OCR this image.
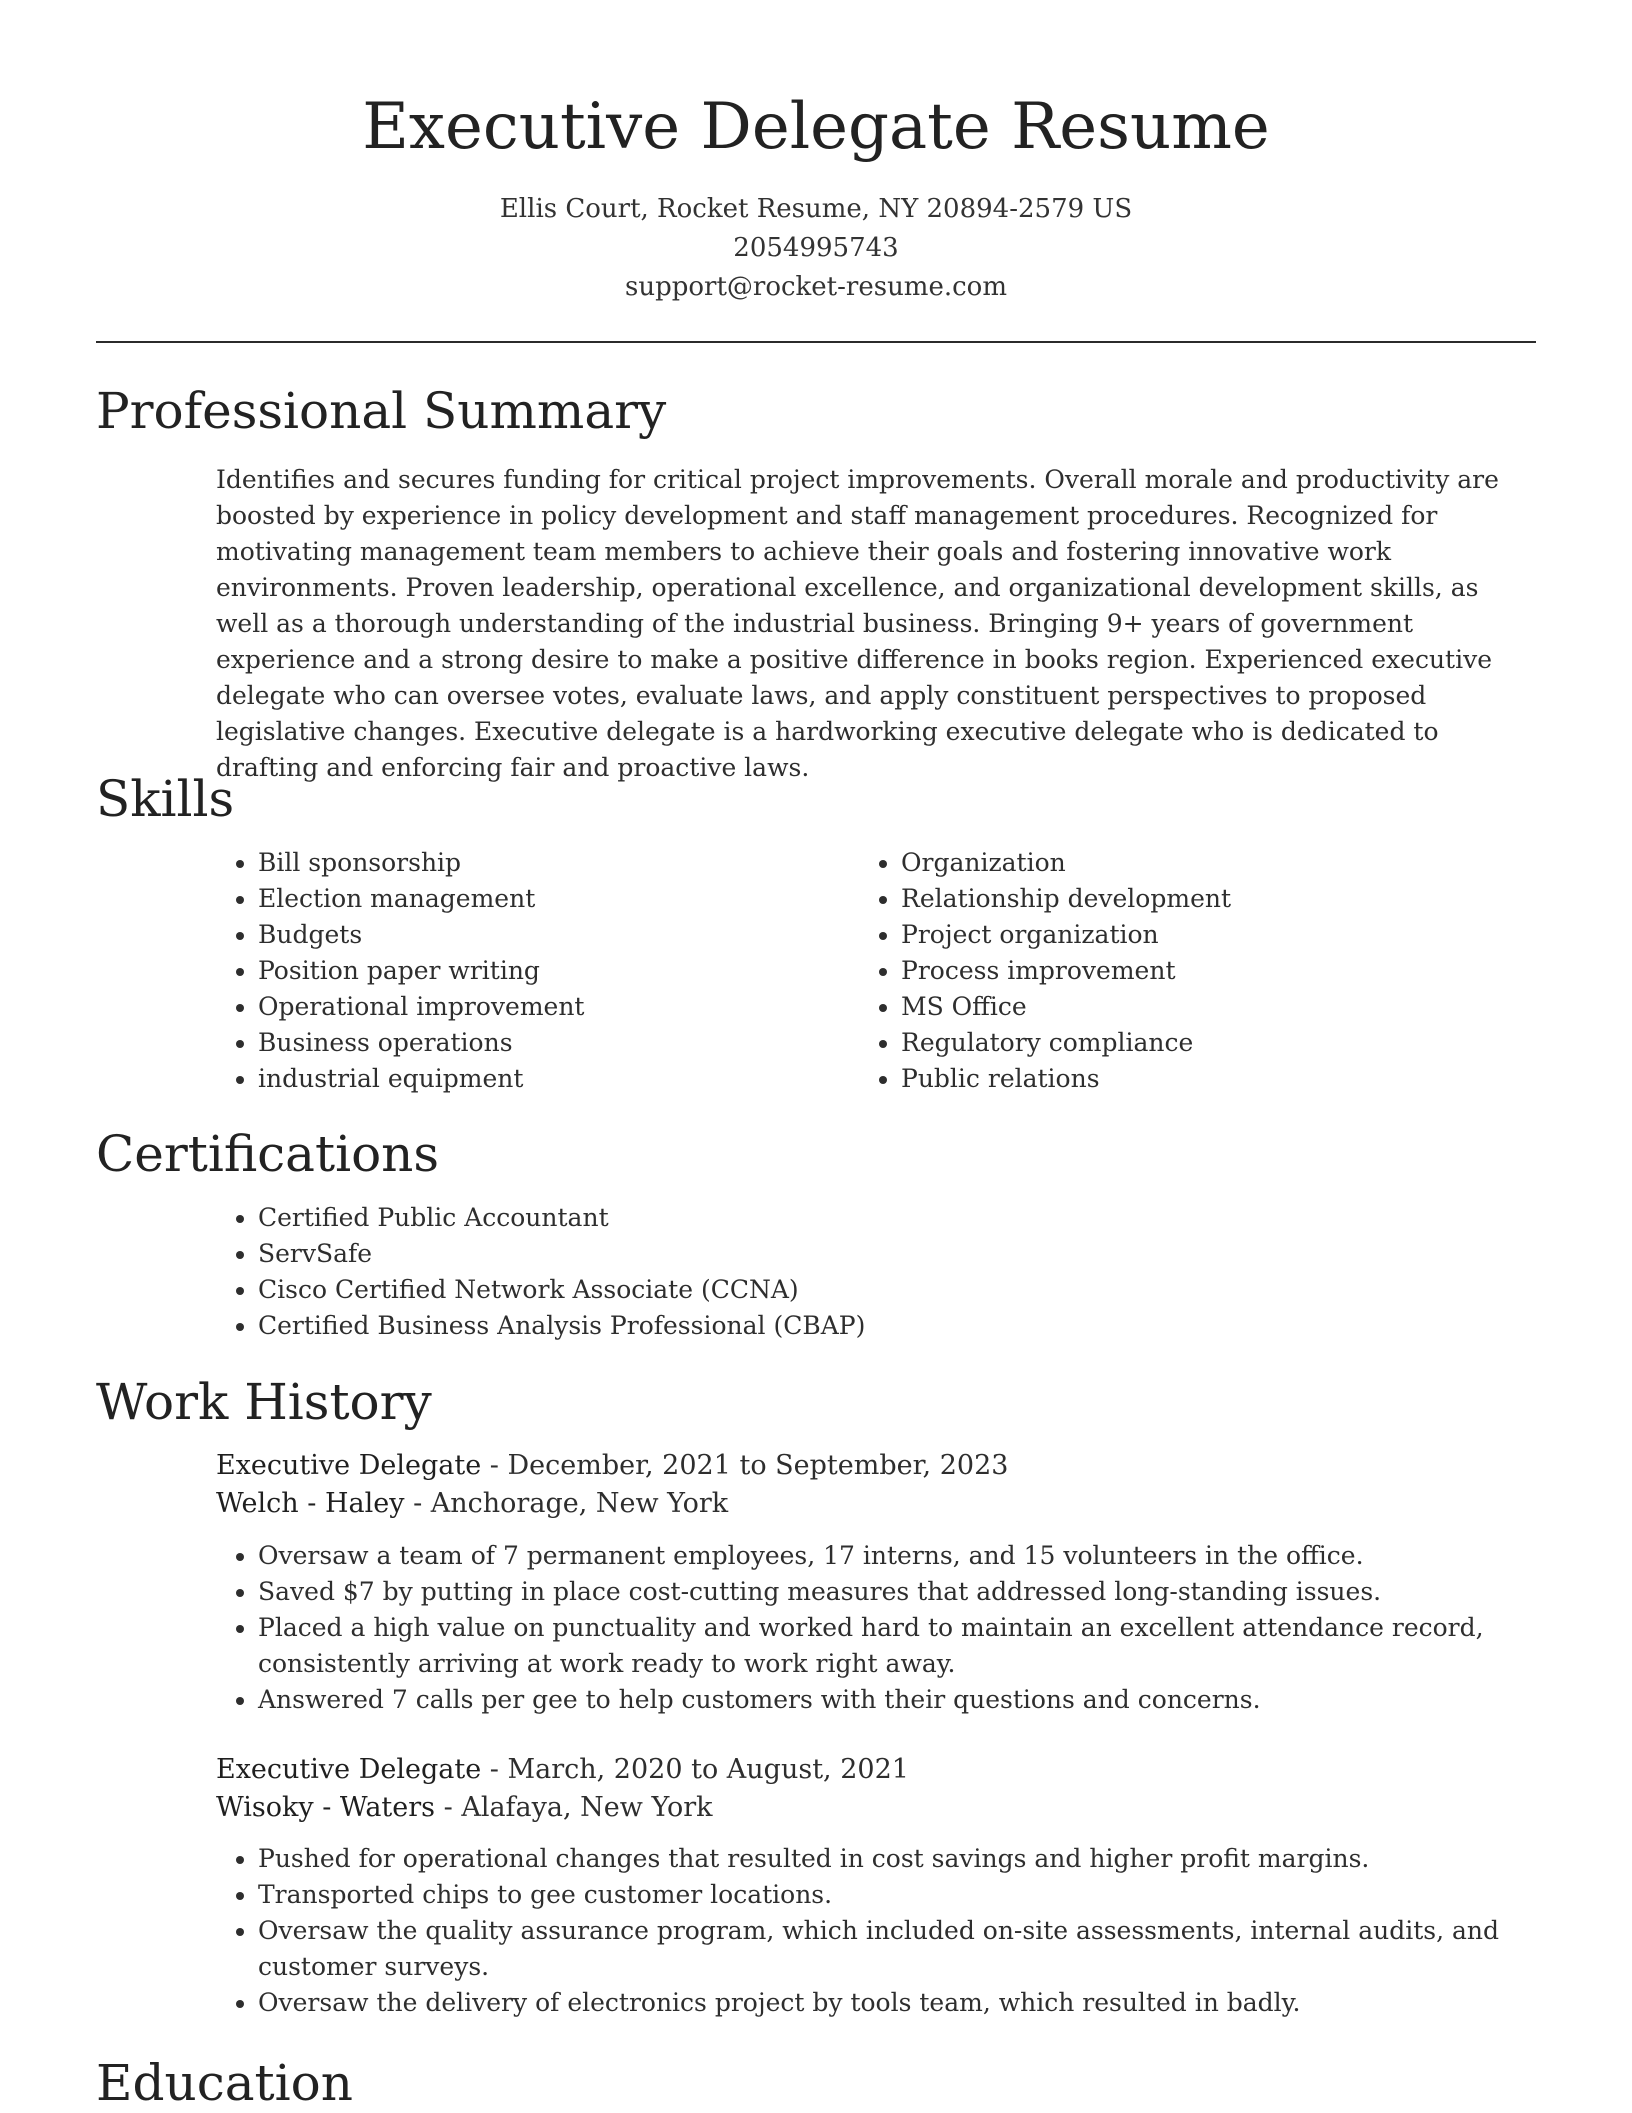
Executive Delegate Resume
Ellis Court, Rocket Resume, NY 20894-2579 US
2054995743
support@rocket-resume.com
Professional Summary

Identifies and secures funding for critical project improvements. Overall morale and productivity are boosted by experience in policy development and staff management procedures. Recognized for motivating management team members to achieve their goals and fostering innovative work environments. Proven leadership, operational excellence, and organizational development skills, as well as a thorough understanding of the industrial business. Bringing 9+ years of government experience and a strong desire to make a positive difference in books region. Experienced executive delegate who can oversee votes, evaluate laws, and apply constituent perspectives to proposed legislative changes. Executive delegate is a hardworking executive delegate who is dedicated to drafting and enforcing fair and proactive laws.

Skills
• Bill sponsorship
• Election management
• Budgets
• Position paper writing
• Operational improvement
• Business operations
• industrial equipment
• Organization
• Relationship development
• Project organization
• Process improvement
• MS Office
• Regulatory compliance
• Public relations
Certifications
• Certified Public Accountant
• ServSafe
• Cisco Certified Network Associate (CCNA)
• Certified Business Analysis Professional (CBAP)
Work History
Executive Delegate - December, 2021 to September, 2023
Welch - Haley - Anchorage, New York
• Oversaw a team of 7 permanent employees, 17 interns, and 15 volunteers in the office.
• Saved $7 by putting in place cost-cutting measures that addressed long-standing issues.
• Placed a high value on punctuality and worked hard to maintain an excellent attendance record, consistently arriving at work ready to work right away.
• Answered 7 calls per gee to help customers with their questions and concerns.
Executive Delegate - March, 2020 to August, 2021
Wisoky - Waters - Alafaya, New York
• Pushed for operational changes that resulted in cost savings and higher profit margins.
• Transported chips to gee customer locations.
• Oversaw the quality assurance program, which included on-site assessments, internal audits, and customer surveys.
• Oversaw the delivery of electronics project by tools team, which resulted in badly.
Education
